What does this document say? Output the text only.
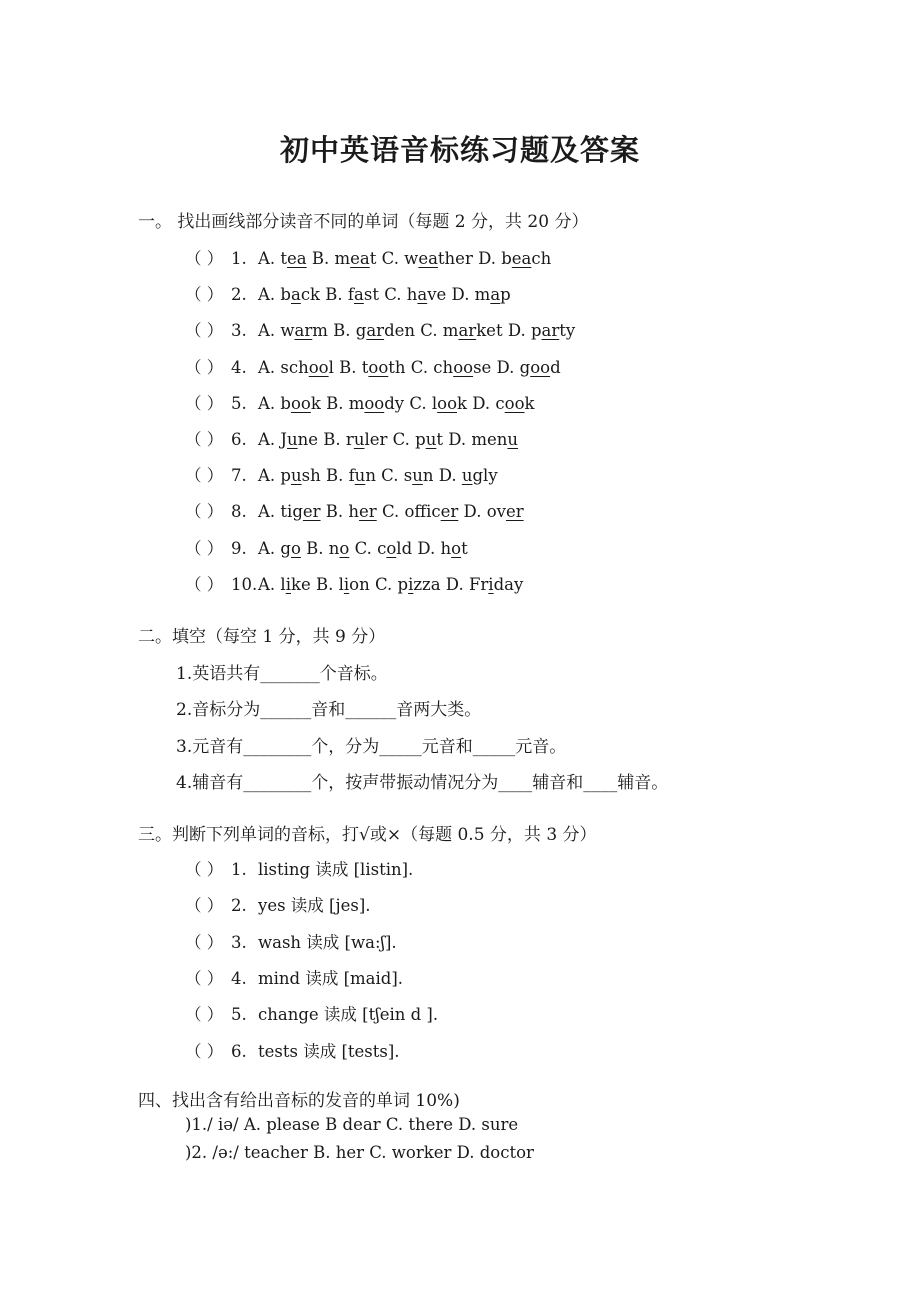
初中英语音标练习题及答案
一。 找出画线部分读音不同的单词（每题 2 分，共 20 分）
（ ） 1. A. tea B. meat C. weather D. beach
（ ） 2. A. back B. fast C. have D. map
（ ） 3. A. warm B. garden C. market D. party
（ ） 4. A. school B. tooth C. choose D. good
（ ） 5. A. book B. moody C. look D. cook
（ ） 6. A. June B. ruler C. put D. menu
（ ） 7. A. push B. fun C. sun D. ugly
（ ） 8. A. tiger B. her C. officer D. over
（ ） 9. A. go B. no C. cold D. hot
（ ） 10.A. like B. lion C. pizza D. Friday
二。填空（每空 1 分，共 9 分）
1.英语共有_______个音标。
2.音标分为______音和______音两大类。
3.元音有________个，分为_____元音和_____元音。
4.辅音有________个，按声带振动情况分为____辅音和____辅音。
三。判断下列单词的音标，打√或×（每题 0.5 分，共 3 分）
（ ） 1. listing 读成 [listin].
（ ） 2. yes 读成 [jes].
（ ） 3. wash 读成 [wa:ʃ].
（ ） 4. mind 读成 [maid].
（ ） 5. change 读成 [tʃein d ].
（ ） 6. tests 读成 [tests].
四、找出含有给出音标的发音的单词 10%)
)1./ iə/ A. please B dear C. there D. sure
)2. /ə:/ teacher B. her C. worker D. doctor
